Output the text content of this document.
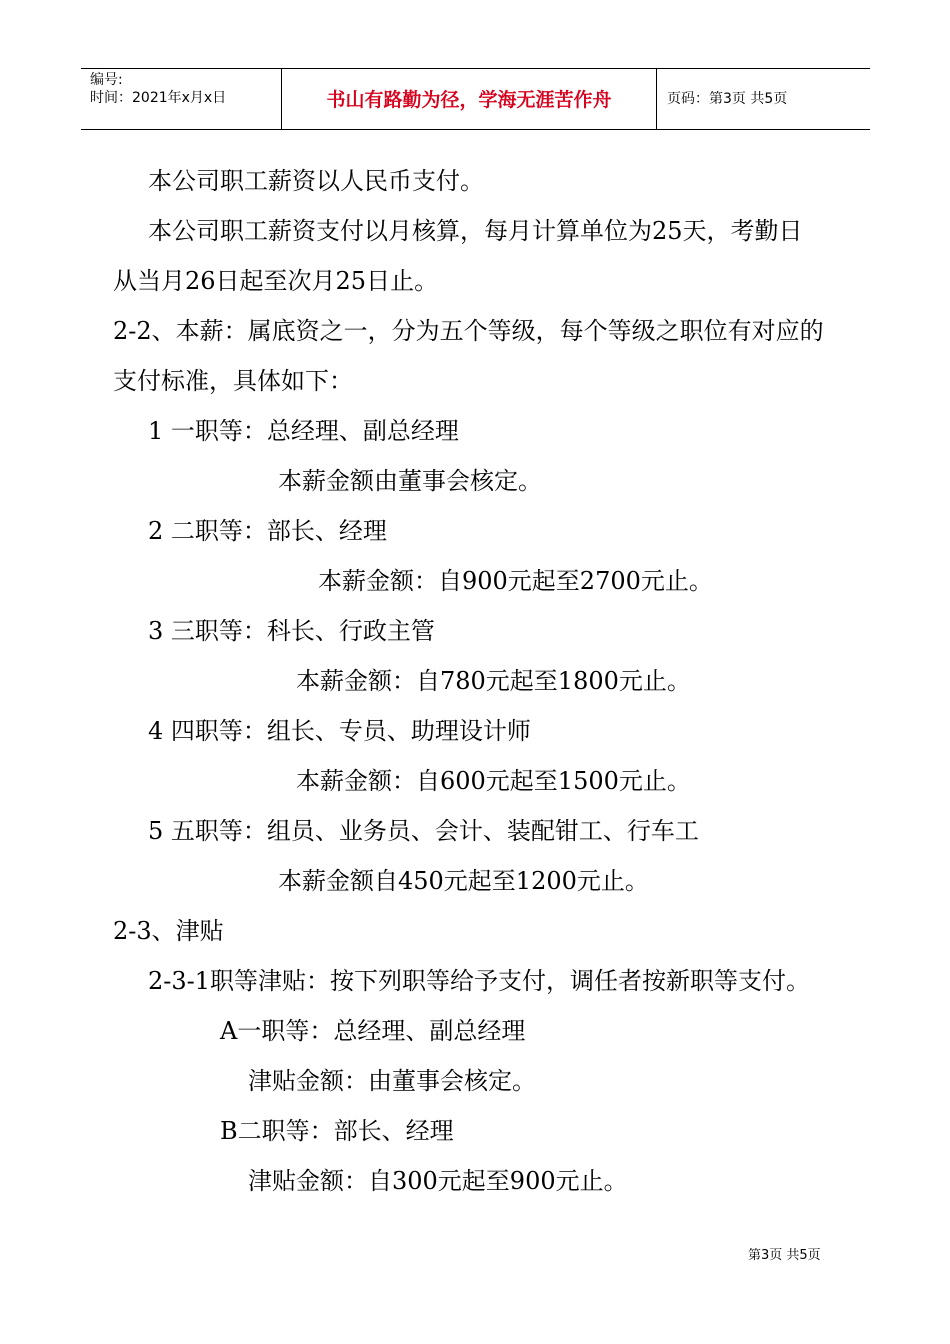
编号:
时间：2021年x月x日	书山有路勤为径，学海无涯苦作舟	页码：第3页 共5页
本公司职工薪资以人民币支付。
本公司职工薪资支付以月核算，每月计算单位为25天，考勤日
从当月26日起至次月25日止。
2-2、本薪：属底资之一，分为五个等级，每个等级之职位有对应的
支付标准，具体如下：
1 一职等：总经理、副总经理
本薪金额由董事会核定。
2 二职等：部长、经理
本薪金额：自900元起至2700元止。
3 三职等：科长、行政主管
本薪金额：自780元起至1800元止。
4 四职等：组长、专员、助理设计师
本薪金额：自600元起至1500元止。
5 五职等：组员、业务员、会计、装配钳工、行车工
本薪金额自450元起至1200元止。
2-3、津贴
2-3-1职等津贴：按下列职等给予支付，调任者按新职等支付。
A一职等：总经理、副总经理
津贴金额：由董事会核定。
B二职等：部长、经理
津贴金额：自300元起至900元止。
第3页 共5页
